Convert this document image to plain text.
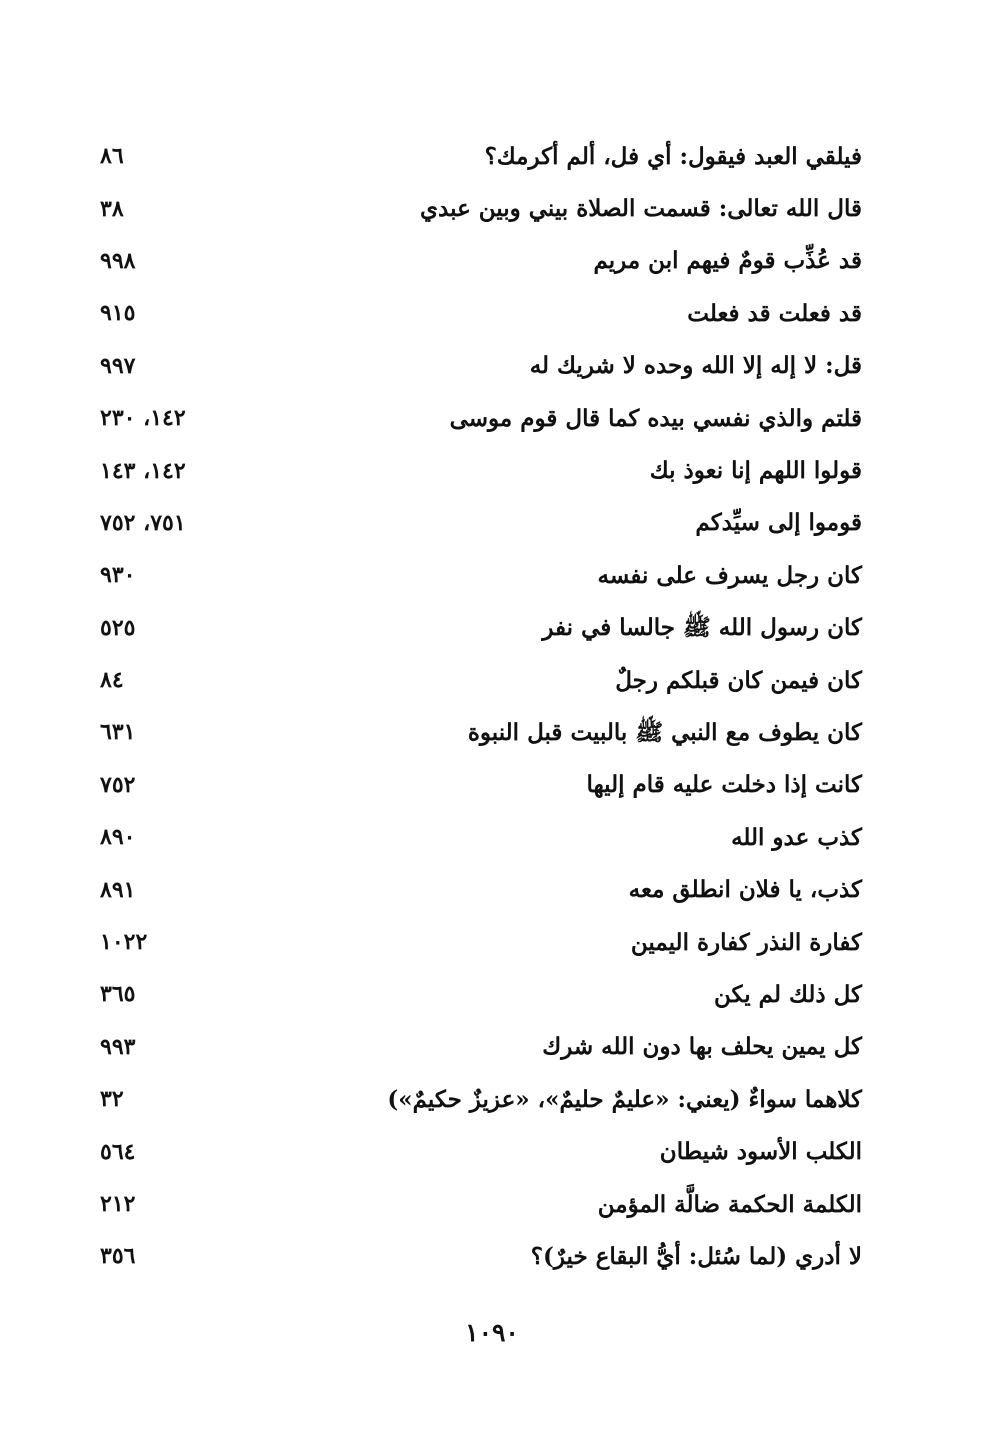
فيلقي العبد فيقول: أي فل، ألم أكرمك؟
٨٦
قال الله تعالى: قسمت الصلاة بيني وبين عبدي
٣٨
قد عُذِّب قومٌ فيهم ابن مريم
٩٩٨
قد فعلت قد فعلت
٩١٥
قل: لا إله إلا الله وحده لا شريك له
٩٩٧
قلتم والذي نفسي بيده كما قال قوم موسى
١٤٢، ٢٣٠
قولوا اللهم إنا نعوذ بك
١٤٢، ١٤٣
قوموا إلى سيِّدكم
٧٥١، ٧٥٢
كان رجل يسرف على نفسه
٩٣٠
كان رسول الله ﷺ جالسا في نفر
٥٢٥
كان فيمن كان قبلكم رجلٌ
٨٤
كان يطوف مع النبي ﷺ بالبيت قبل النبوة
٦٣١
كانت إذا دخلت عليه قام إليها
٧٥٢
كذب عدو الله
٨٩٠
كذب، يا فلان انطلق معه
٨٩١
كفارة النذر كفارة اليمين
١٠٢٢
كل ذلك لم يكن
٣٦٥
كل يمين يحلف بها دون الله شرك
٩٩٣
كلاهما سواءٌ (يعني: «عليمٌ حليمٌ»، «عزيزٌ حكيمٌ»)
٣٢
الكلب الأسود شيطان
٥٦٤
الكلمة الحكمة ضالَّة المؤمن
٢١٢
لا أدري (لما سُئل: أيُّ البقاع خيرٌ)؟
٣٥٦
١٠٩٠
